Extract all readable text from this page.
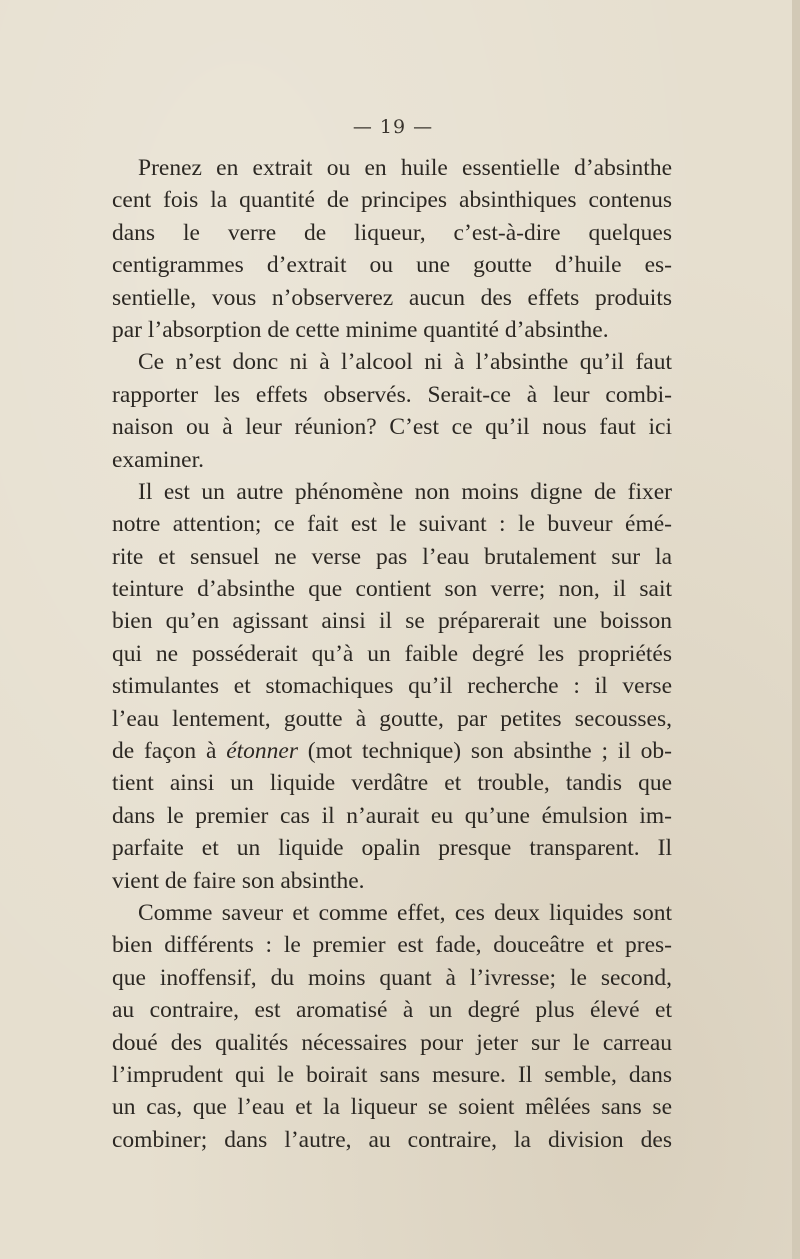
— 19 —
Prenez en extrait ou en huile essentielle d’absinthe
cent fois la quantité de principes absinthiques contenus
dans le verre de liqueur, c’est-à-dire quelques
centigrammes d’extrait ou une goutte d’huile es-
sentielle, vous n’observerez aucun des effets produits
par l’absorption de cette minime quantité d’absinthe.
Ce n’est donc ni à l’alcool ni à l’absinthe qu’il faut
rapporter les effets observés. Serait-ce à leur combi-
naison ou à leur réunion? C’est ce qu’il nous faut ici
examiner.
Il est un autre phénomène non moins digne de fixer
notre attention; ce fait est le suivant : le buveur émé-
rite et sensuel ne verse pas l’eau brutalement sur la
teinture d’absinthe que contient son verre; non, il sait
bien qu’en agissant ainsi il se préparerait une boisson
qui ne posséderait qu’à un faible degré les propriétés
stimulantes et stomachiques qu’il recherche : il verse
l’eau lentement, goutte à goutte, par petites secousses,
de façon à étonner (mot technique) son absinthe ; il ob-
tient ainsi un liquide verdâtre et trouble, tandis que
dans le premier cas il n’aurait eu qu’une émulsion im-
parfaite et un liquide opalin presque transparent. Il
vient de faire son absinthe.
Comme saveur et comme effet, ces deux liquides sont
bien différents : le premier est fade, douceâtre et pres-
que inoffensif, du moins quant à l’ivresse; le second,
au contraire, est aromatisé à un degré plus élevé et
doué des qualités nécessaires pour jeter sur le carreau
l’imprudent qui le boirait sans mesure. Il semble, dans
un cas, que l’eau et la liqueur se soient mêlées sans se
combiner; dans l’autre, au contraire, la division des
